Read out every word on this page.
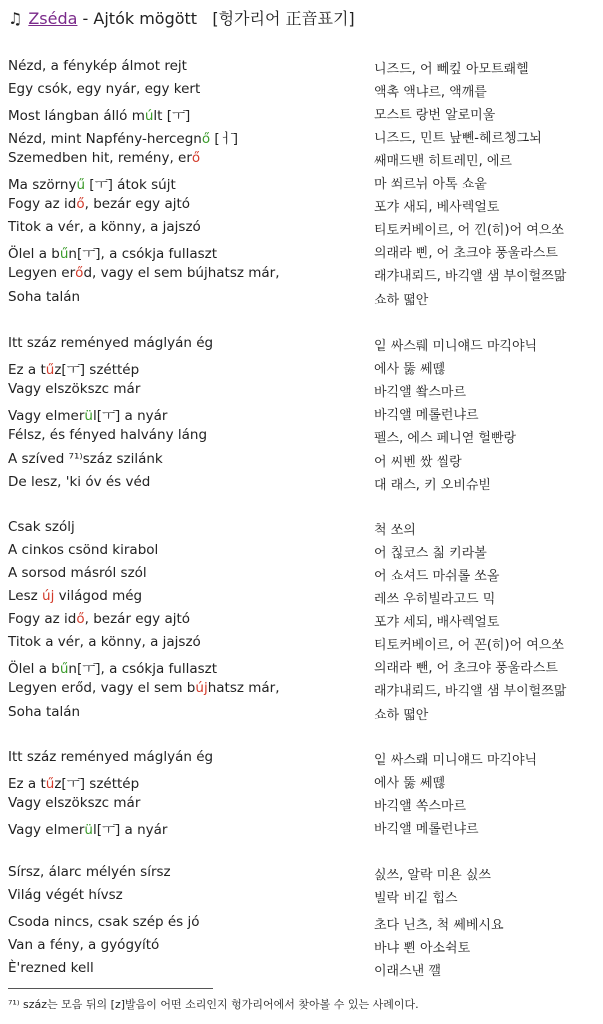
♫ Zséda - Ajtók mögött [헝가리어 正音표기]
Nézd, a fénykép álmot rejt	니즈드, 어 뻬킾 아모트뢔헬
Egy csók, egy nyár, egy kert	액촉 액냐르, 액깨릍
Most lángban álló múlt [ㅜ̄]	모스트 랑번 알로미울
Nézd, mint Napfény-hercegnő [ㅓ̄]	니즈드, 민트 낲뼨-헤르쳉그뇌
Szemedben hit, remény, erő	쌔매드밴 히트레민, 에르
Ma szörnyű [ㅜ̄] átok sújt	마 쐬르뉘 아톡 쇼웉
Fogy az idő, bezár egy ajtó	포갸 새되, 베사렉얼토
Titok a vér, a könny, a jajszó	티토커베이르, 어 낀(히)어 여으쏘
Ölel a bűn[ㅜ̄], a csókja fullaszt	의래라 삔, 어 초크야 풍울라스트
Legyen erőd, vagy el sem bújhatsz már,	래갸내뢰드, 바긱앨 샘 부이헐쯔맒
Soha talán	쇼하 뗣안
Itt száz reményed máglyán ég	잍 싸스뤠 미니얘드 마긱야닉
Ez a tűz[ㅜ̄] széttép	에사 뚫 쎄뗂
Vagy elszökszc már	바긱앨 쐌스마르
Vagy elmerül[ㅜ̄] a nyár	바긱앨 메롤런냐르
Félsz, és fényed halvány láng	펠스, 에스 페니엳 헐빤랑
A szíved ⁷¹⁾száz szilánk	어 씨벤 쌌 씰랑
De lesz, 'ki óv és véd	대 래스, 키 오비슈빋
Csak szólj	척 쏘의
A cinkos csönd kirabol	어 칞코스 칢 키라볼
A sorsod másról szól	어 쇼셔드 마쉬롤 쏘올
Lesz új világod még	레쓰 우히빌라고드 믹
Fogy az idő, bezár egy ajtó	포갸 세되, 배사렉얼토
Titok a vér, a könny, a jajszó	티토커베이르, 어 꼰(히)어 여으쏘
Ölel a bűn[ㅜ̄], a csókja fullaszt	의래라 뺀, 어 초크야 풍울라스트
Legyen erőd, vagy el sem bújhatsz már,	래갸내뢰드, 바긱앨 샘 부이헐쯔맒
Soha talán	쇼하 뗣안
Itt száz reményed máglyán ég	잍 싸스뢔 미니얘드 마긱야닉
Ez a tűz[ㅜ̄] széttép	에사 뚫 쎄뗂
Vagy elszökszc már	바긱앨 쏙스마르
Vagy elmerül[ㅜ̄] a nyár	바긱앨 메롤런냐르
Sírsz, álarc mélyén sírsz	싨쓰, 알락 미욘 싨쓰
Világ végét hívsz	빌락 비깉 힙스
Csoda nincs, csak szép és jó	초다 닌츠, 척 쎄베시요
Van a fény, a gyógyító	바냐 뾘 아소쉭토
È'rezned kell	이래스낸 깰
⁷¹⁾ száz는 모음 뒤의 [z]발음이 어떤 소리인지 헝가리어에서 찾아볼 수 있는 사례이다.
